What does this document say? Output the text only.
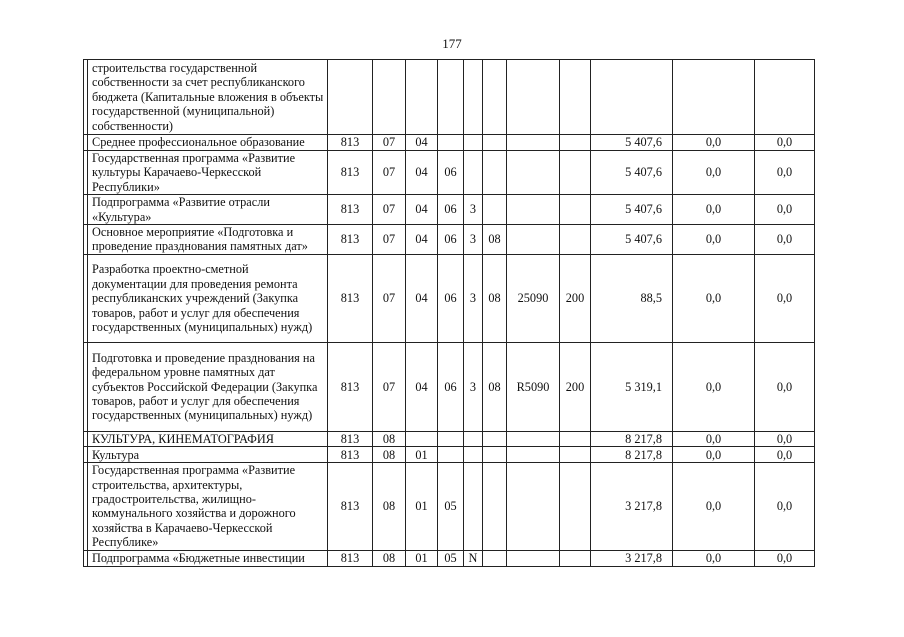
177
	строительства государственной собственности за счет республиканского бюджета (Капитальные вложения в объекты государственной (муниципальной) собственности)											
	Среднее профессиональное образование	813	07	04						5 407,6	0,0	0,0
	Государственная программа «Развитие культуры Карачаево-Черкесской Республики»	813	07	04	06					5 407,6	0,0	0,0
	Подпрограмма «Развитие отрасли «Культура»	813	07	04	06	3				5 407,6	0,0	0,0
	Основное мероприятие «Подготовка и проведение празднования памятных дат»	813	07	04	06	3	08			5 407,6	0,0	0,0
	Разработка проектно-сметной документации для проведения ремонта республиканских учреждений (Закупка товаров, работ и услуг для обеспечения государственных (муниципальных) нужд)	813	07	04	06	3	08	25090	200	88,5	0,0	0,0
	Подготовка и проведение празднования на федеральном уровне памятных дат субъектов Российской Федерации (Закупка товаров, работ и услуг для обеспечения государственных (муниципальных) нужд)	813	07	04	06	3	08	R5090	200	5 319,1	0,0	0,0
	КУЛЬТУРА, КИНЕМАТОГРАФИЯ	813	08							8 217,8	0,0	0,0
	Культура	813	08	01						8 217,8	0,0	0,0
	Государственная программа «Развитие строительства, архитектуры, градостроительства, жилищно-коммунального хозяйства и дорожного хозяйства в Карачаево-Черкесской Республике»	813	08	01	05					3 217,8	0,0	0,0
	Подпрограмма «Бюджетные инвестиции	813	08	01	05	N				3 217,8	0,0	0,0
